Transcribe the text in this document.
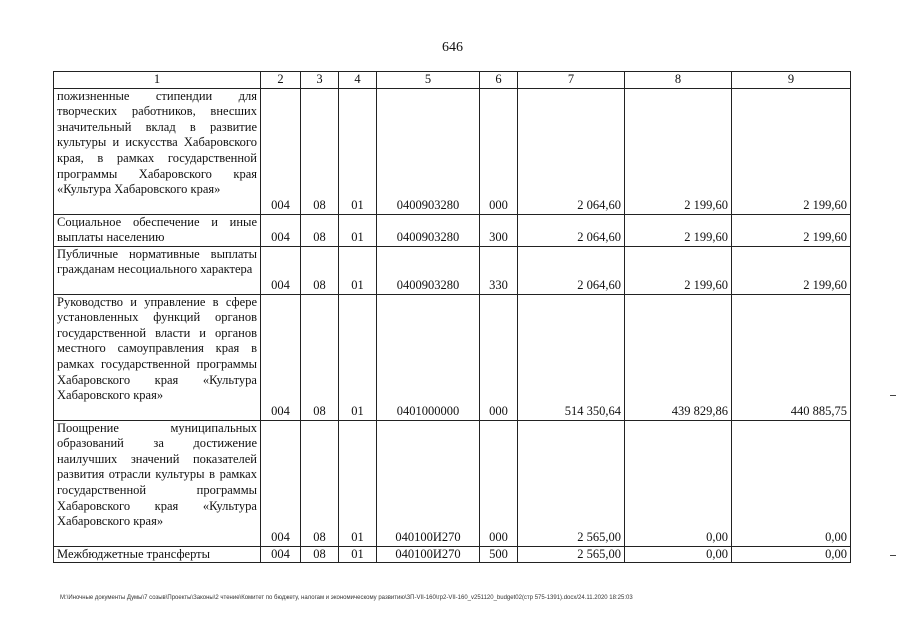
646
1	2	3	4	5	6	7	8	9

пожизненные стипендии для творческих работников, внесших значительный вклад в развитие культуры и искусства Хабаровского края, в рамках государственной программы Хабаровского края «Культура Хабаровского края»	004	08	01	0400903280	000	2 064,60	2 199,60	2 199,60

Социальное обеспечение и иные выплаты населению	004	08	01	0400903280	300	2 064,60	2 199,60	2 199,60

Публичные нормативные выплаты гражданам несоциального характера	004	08	01	0400903280	330	2 064,60	2 199,60	2 199,60

Руководство и управление в сфере установленных функций органов государственной власти и органов местного самоуправления края в рамках государственной программы Хабаровского края «Культура Хабаровского края»	004	08	01	0401000000	000	514 350,64	439 829,86	440 885,75

Поощрение муниципальных образований за достижение наилучших значений показателей развития отрасли культуры в рамках государственной программы Хабаровского края «Культура Хабаровского края»	004	08	01	040100И270	000	2 565,00	0,00	0,00

Межбюджетные трансферты	004	08	01	040100И270	500	2 565,00	0,00	0,00
M:\Иночные документы Думы\7 созыв\Проекты\Законы\2 чтение\Комитет по бюджету, налогам и экономическому развитию\ЗП-VII-160\гр2-VII-160_v251120_budget02(стр 575-1391).docx/24.11.2020 18:25:03
